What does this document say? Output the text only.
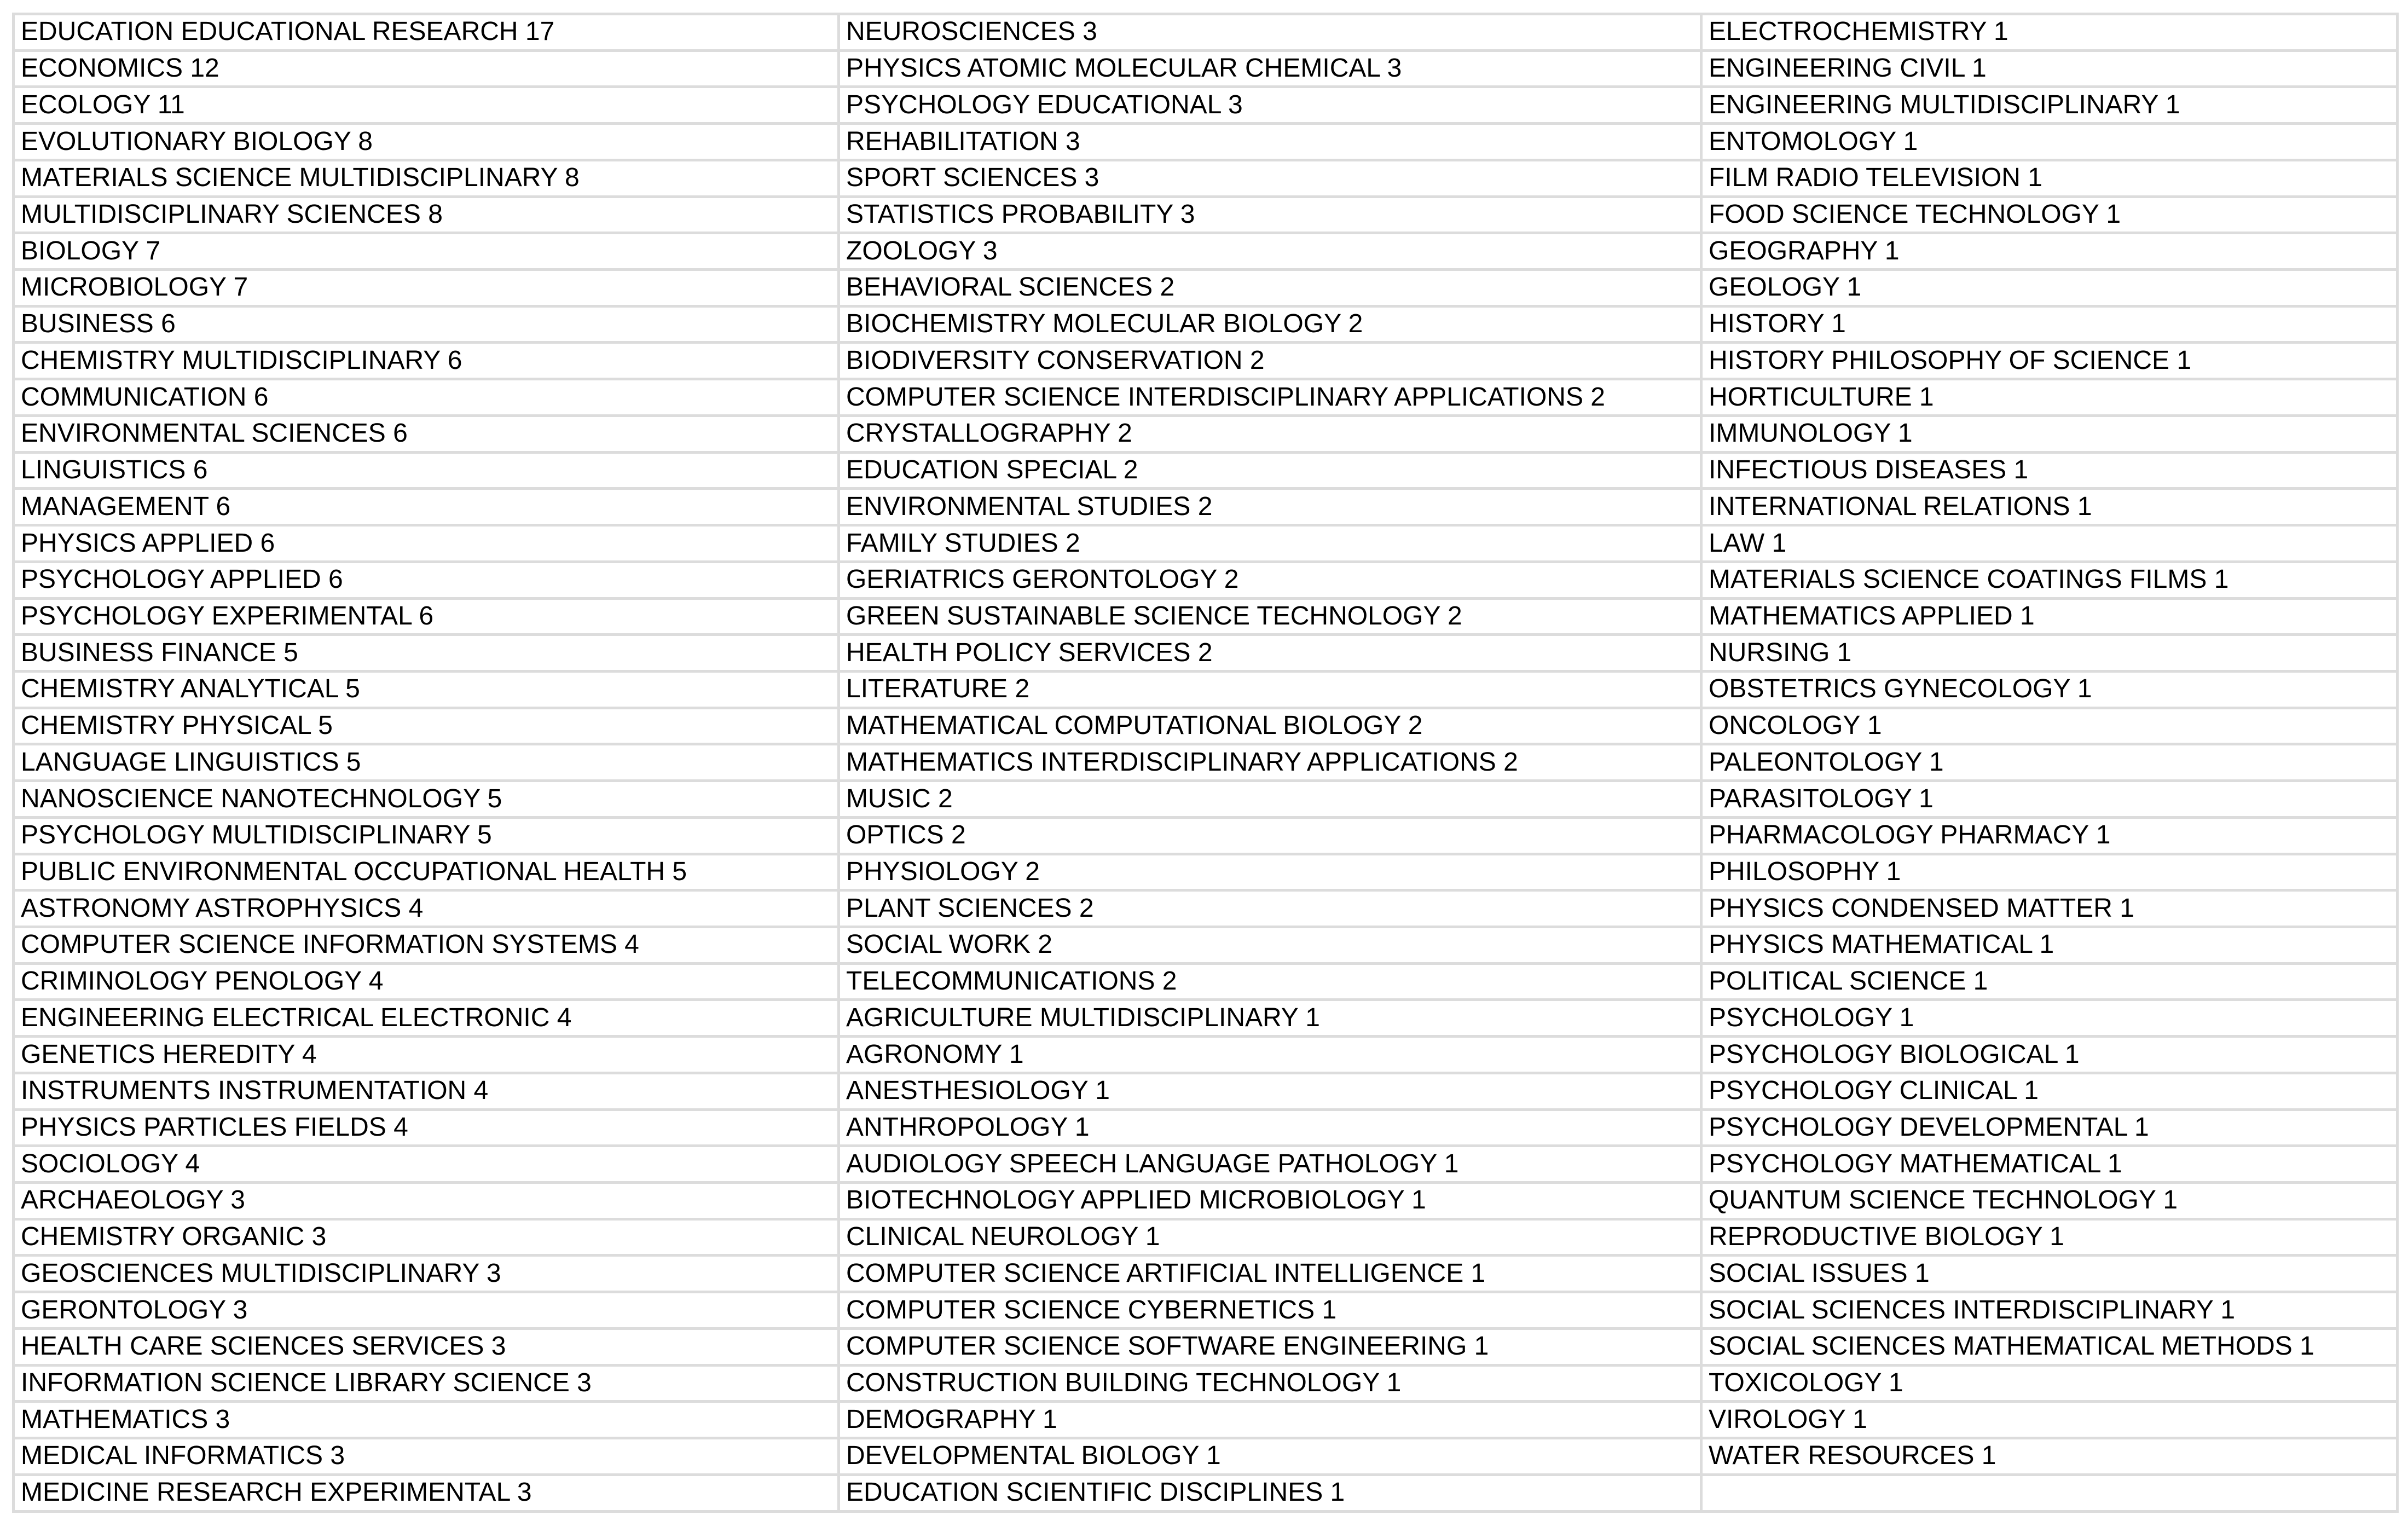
EDUCATION EDUCATIONAL RESEARCH 17	NEUROSCIENCES 3	ELECTROCHEMISTRY 1
ECONOMICS 12	PHYSICS ATOMIC MOLECULAR CHEMICAL 3	ENGINEERING CIVIL 1
ECOLOGY 11	PSYCHOLOGY EDUCATIONAL 3	ENGINEERING MULTIDISCIPLINARY 1
EVOLUTIONARY BIOLOGY 8	REHABILITATION 3	ENTOMOLOGY 1
MATERIALS SCIENCE MULTIDISCIPLINARY 8	SPORT SCIENCES 3	FILM RADIO TELEVISION 1
MULTIDISCIPLINARY SCIENCES 8	STATISTICS PROBABILITY 3	FOOD SCIENCE TECHNOLOGY 1
BIOLOGY 7	ZOOLOGY 3	GEOGRAPHY 1
MICROBIOLOGY 7	BEHAVIORAL SCIENCES 2	GEOLOGY 1
BUSINESS 6	BIOCHEMISTRY MOLECULAR BIOLOGY 2	HISTORY 1
CHEMISTRY MULTIDISCIPLINARY 6	BIODIVERSITY CONSERVATION 2	HISTORY PHILOSOPHY OF SCIENCE 1
COMMUNICATION 6	COMPUTER SCIENCE INTERDISCIPLINARY APPLICATIONS 2	HORTICULTURE 1
ENVIRONMENTAL SCIENCES 6	CRYSTALLOGRAPHY 2	IMMUNOLOGY 1
LINGUISTICS 6	EDUCATION SPECIAL 2	INFECTIOUS DISEASES 1
MANAGEMENT 6	ENVIRONMENTAL STUDIES 2	INTERNATIONAL RELATIONS 1
PHYSICS APPLIED 6	FAMILY STUDIES 2	LAW 1
PSYCHOLOGY APPLIED 6	GERIATRICS GERONTOLOGY 2	MATERIALS SCIENCE COATINGS FILMS 1
PSYCHOLOGY EXPERIMENTAL 6	GREEN SUSTAINABLE SCIENCE TECHNOLOGY 2	MATHEMATICS APPLIED 1
BUSINESS FINANCE 5	HEALTH POLICY SERVICES 2	NURSING 1
CHEMISTRY ANALYTICAL 5	LITERATURE 2	OBSTETRICS GYNECOLOGY 1
CHEMISTRY PHYSICAL 5	MATHEMATICAL COMPUTATIONAL BIOLOGY 2	ONCOLOGY 1
LANGUAGE LINGUISTICS 5	MATHEMATICS INTERDISCIPLINARY APPLICATIONS 2	PALEONTOLOGY 1
NANOSCIENCE NANOTECHNOLOGY 5	MUSIC 2	PARASITOLOGY 1
PSYCHOLOGY MULTIDISCIPLINARY 5	OPTICS 2	PHARMACOLOGY PHARMACY 1
PUBLIC ENVIRONMENTAL OCCUPATIONAL HEALTH 5	PHYSIOLOGY 2	PHILOSOPHY 1
ASTRONOMY ASTROPHYSICS 4	PLANT SCIENCES 2	PHYSICS CONDENSED MATTER 1
COMPUTER SCIENCE INFORMATION SYSTEMS 4	SOCIAL WORK 2	PHYSICS MATHEMATICAL 1
CRIMINOLOGY PENOLOGY 4	TELECOMMUNICATIONS 2	POLITICAL SCIENCE 1
ENGINEERING ELECTRICAL ELECTRONIC 4	AGRICULTURE MULTIDISCIPLINARY 1	PSYCHOLOGY 1
GENETICS HEREDITY 4	AGRONOMY 1	PSYCHOLOGY BIOLOGICAL 1
INSTRUMENTS INSTRUMENTATION 4	ANESTHESIOLOGY 1	PSYCHOLOGY CLINICAL 1
PHYSICS PARTICLES FIELDS 4	ANTHROPOLOGY 1	PSYCHOLOGY DEVELOPMENTAL 1
SOCIOLOGY 4	AUDIOLOGY SPEECH LANGUAGE PATHOLOGY 1	PSYCHOLOGY MATHEMATICAL 1
ARCHAEOLOGY 3	BIOTECHNOLOGY APPLIED MICROBIOLOGY 1	QUANTUM SCIENCE TECHNOLOGY 1
CHEMISTRY ORGANIC 3	CLINICAL NEUROLOGY 1	REPRODUCTIVE BIOLOGY 1
GEOSCIENCES MULTIDISCIPLINARY 3	COMPUTER SCIENCE ARTIFICIAL INTELLIGENCE 1	SOCIAL ISSUES 1
GERONTOLOGY 3	COMPUTER SCIENCE CYBERNETICS 1	SOCIAL SCIENCES INTERDISCIPLINARY 1
HEALTH CARE SCIENCES SERVICES 3	COMPUTER SCIENCE SOFTWARE ENGINEERING 1	SOCIAL SCIENCES MATHEMATICAL METHODS 1
INFORMATION SCIENCE LIBRARY SCIENCE 3	CONSTRUCTION BUILDING TECHNOLOGY 1	TOXICOLOGY 1
MATHEMATICS 3	DEMOGRAPHY 1	VIROLOGY 1
MEDICAL INFORMATICS 3	DEVELOPMENTAL BIOLOGY 1	WATER RESOURCES 1
MEDICINE RESEARCH EXPERIMENTAL 3	EDUCATION SCIENTIFIC DISCIPLINES 1	
